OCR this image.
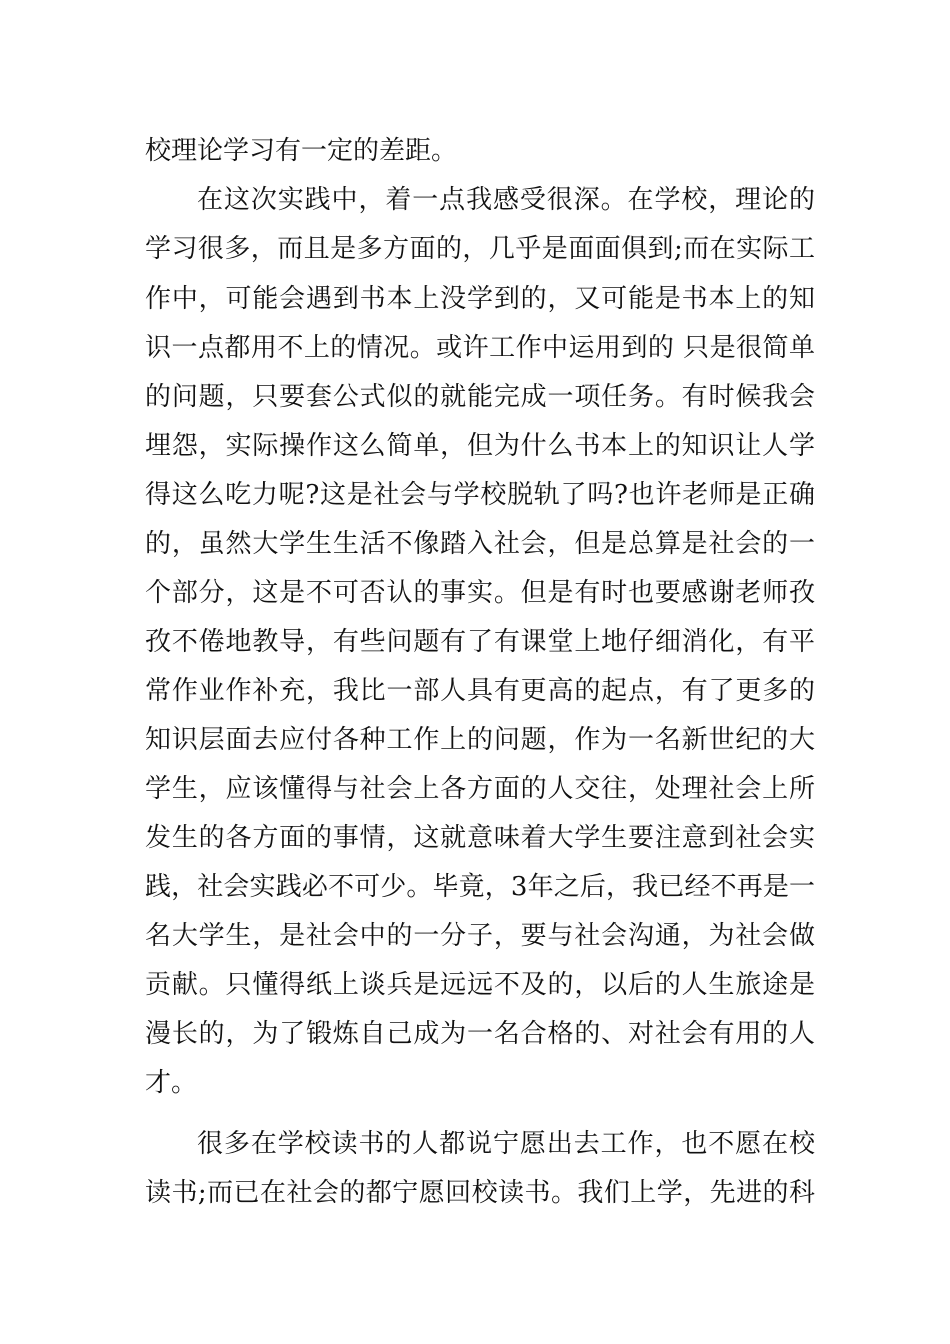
校理论学习有一定的差距。

在这次实践中，着一点我感受很深。在学校，理论的

学习很多，而且是多方面的，几乎是面面俱到;而在实际工

作中，可能会遇到书本上没学到的，又可能是书本上的知

识一点都用不上的情况。或许工作中运用到的 只是很简单

的问题，只要套公式似的就能完成一项任务。有时候我会

埋怨，实际操作这么简单，但为什么书本上的知识让人学

得这么吃力呢?这是社会与学校脱轨了吗?也许老师是正确

的，虽然大学生生活不像踏入社会，但是总算是社会的一

个部分，这是不可否认的事实。但是有时也要感谢老师孜

孜不倦地教导，有些问题有了有课堂上地仔细消化，有平

常作业作补充，我比一部人具有更高的起点，有了更多的

知识层面去应付各种工作上的问题，作为一名新世纪的大

学生，应该懂得与社会上各方面的人交往，处理社会上所

发生的各方面的事情，这就意味着大学生要注意到社会实

践，社会实践必不可少。毕竟，3年之后，我已经不再是一

名大学生，是社会中的一分子，要与社会沟通，为社会做

贡献。只懂得纸上谈兵是远远不及的，以后的人生旅途是

漫长的，为了锻炼自己成为一名合格的、对社会有用的人

才。

很多在学校读书的人都说宁愿出去工作，也不愿在校

读书;而已在社会的都宁愿回校读书。我们上学，先进的科
